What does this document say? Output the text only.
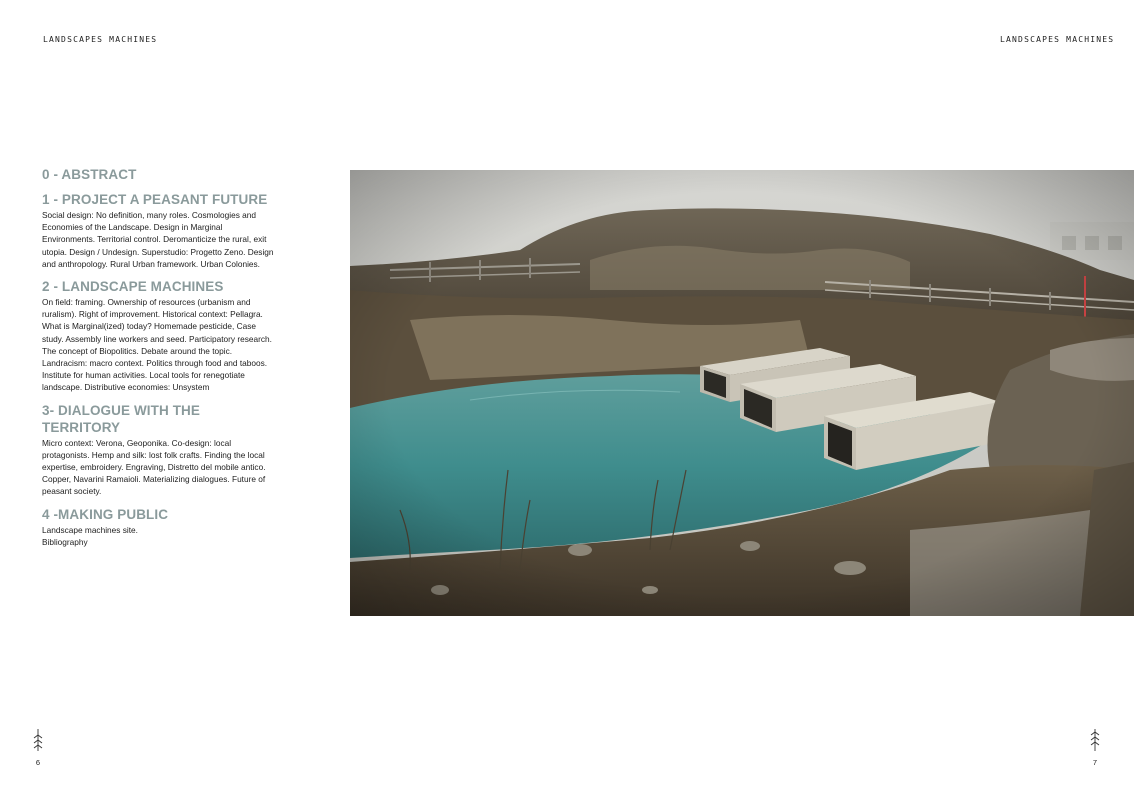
LANDSCAPES MACHINES	LANDSCAPES MACHINES
0 - ABSTRACT
1 - PROJECT A PEASANT FUTURE

Social design: No definition, many roles. Cosmologies and Economies of the Landscape. Design in Marginal Environments. Territorial control. Deromanticize the rural, exit utopia. Design / Undesign. Superstudio: Progetto Zeno. Design and anthropology. Rural Urban framework. Urban Colonies.

2 - LANDSCAPE MACHINES

On field: framing. Ownership of resources (urbanism and ruralism). Right of improvement. Historical context: Pellagra. What is Marginal(ized) today? Homemade pesticide, Case study. Assembly line workers and seed. Participatory research. The concept of Biopolitics. Debate around the topic. Landracism: macro context. Politics through food and taboos. Institute for human activities. Local tools for renegotiate landscape. Distributive economies: Unsystem

3- DIALOGUE WITH THE TERRITORY

Micro context: Verona, Geoponika. Co-design: local protagonists. Hemp and silk: lost folk crafts. Finding the local expertise, embroidery. Engraving, Distretto del mobile antico. Copper, Navarini Ramaioli. Materializing dialogues. Future of peasant society.

4 -MAKING PUBLIC

Landscape machines site.
Bibliography

6	7
